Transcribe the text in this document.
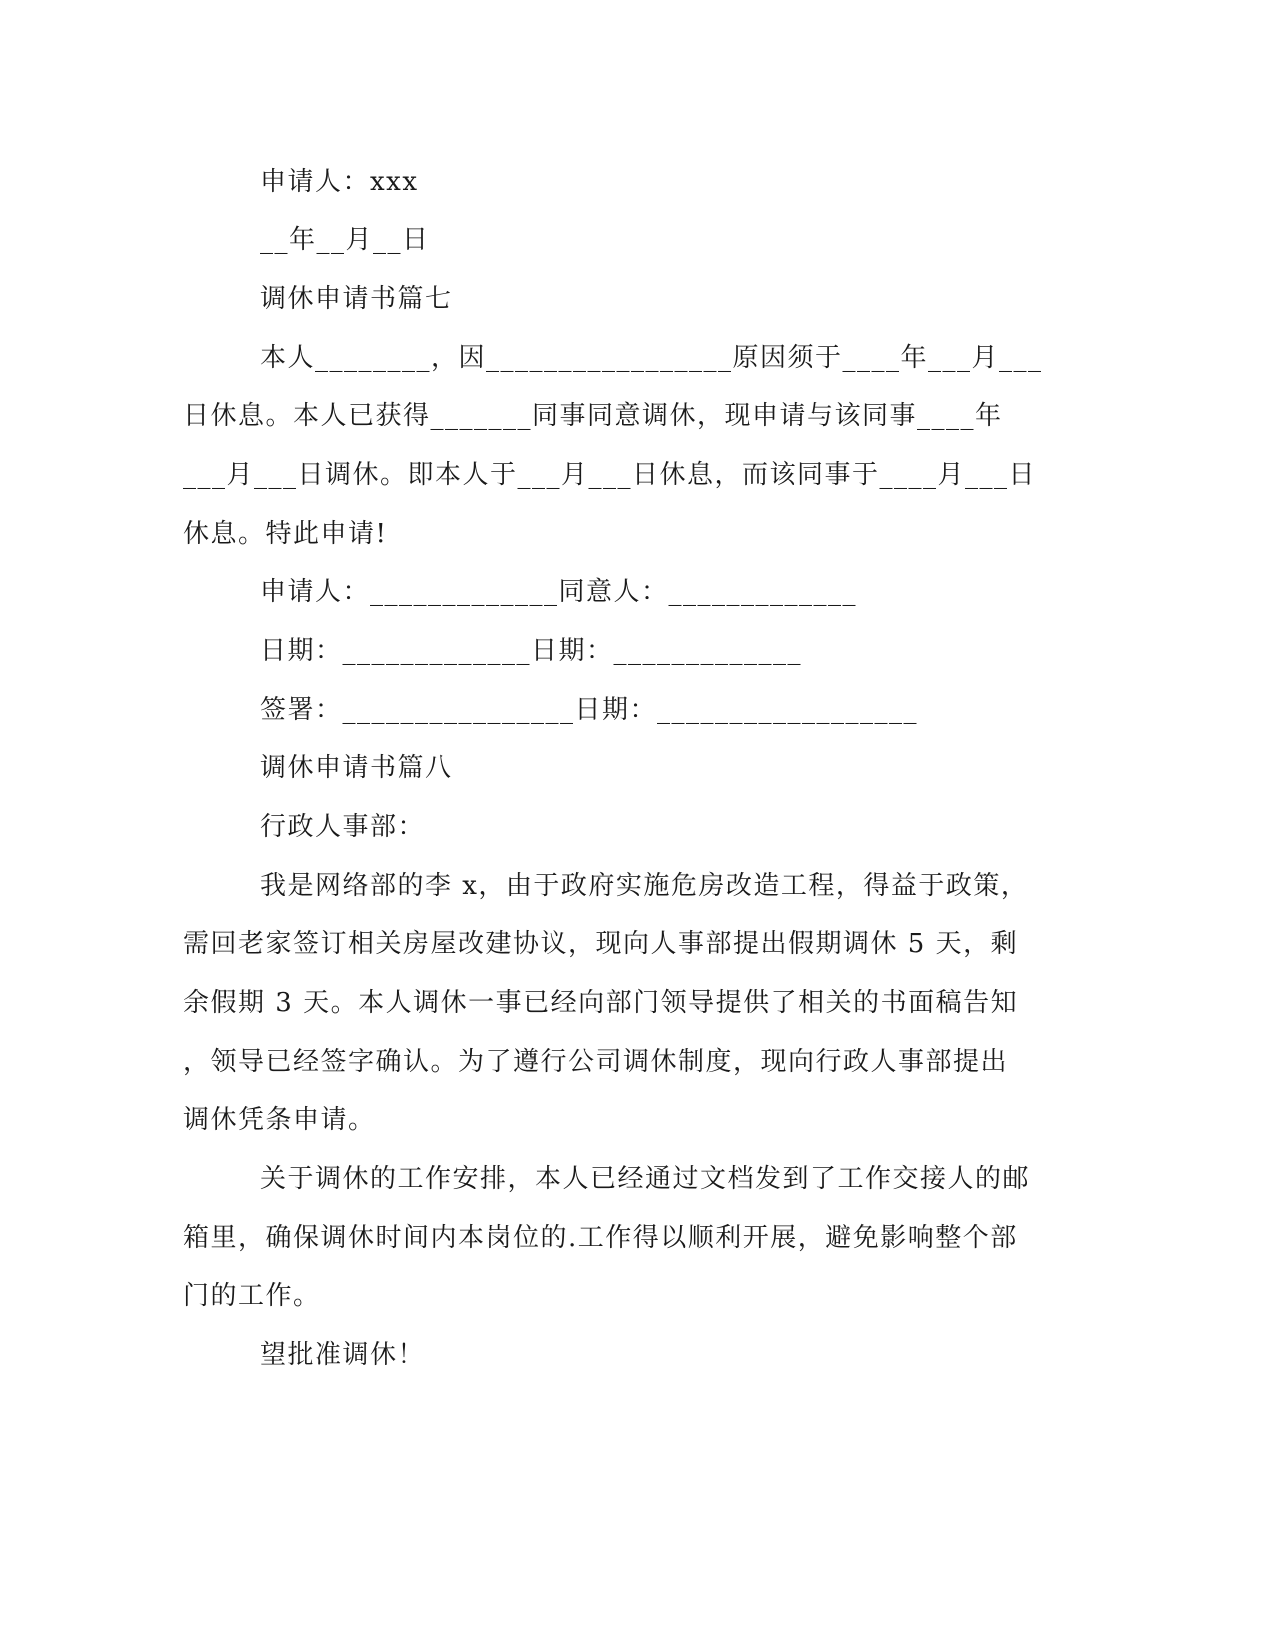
申请人：xxx
__年__月__日
调休申请书篇七
本人________，因_________________原因须于____年___月___
日休息。本人已获得_______同事同意调休，现申请与该同事____年
___月___日调休。即本人于___月___日休息，而该同事于____月___日
休息。特此申请!
申请人：_____________同意人：_____________
日期：_____________日期：_____________
签署：________________日期：__________________
调休申请书篇八
行政人事部：
我是网络部的李 x，由于政府实施危房改造工程，得益于政策，
需回老家签订相关房屋改建协议，现向人事部提出假期调休 5 天，剩
余假期 3 天。本人调休一事已经向部门领导提供了相关的书面稿告知
，领导已经签字确认。为了遵行公司调休制度，现向行政人事部提出
调休凭条申请。
关于调休的工作安排，本人已经通过文档发到了工作交接人的邮
箱里，确保调休时间内本岗位的.工作得以顺利开展，避免影响整个部
门的工作。
望批准调休！
